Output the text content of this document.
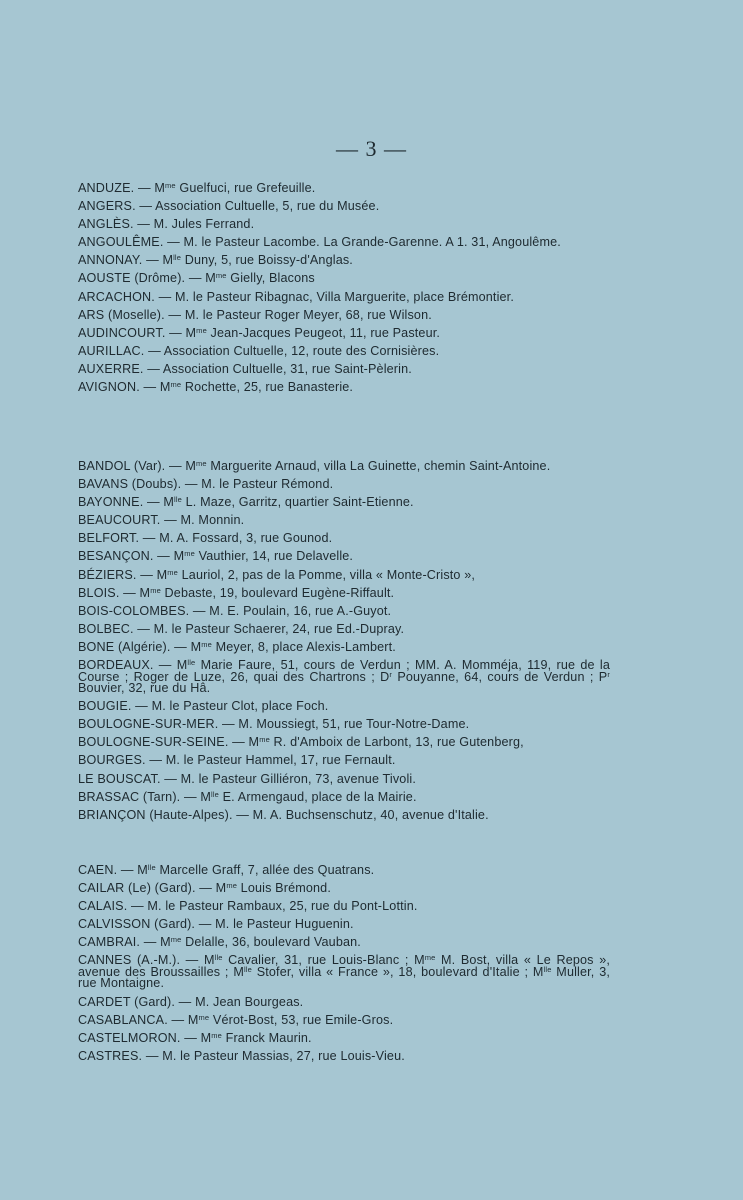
— 3 —

ANDUZE. — $M^{me}$ Guelfuci, rue Grefeuille.

ANGERS. — Association Cultuelle, 5, rue du Musée.

ANGLÈS. — M. Jules Ferrand.

ANGOULÊME. — M. le Pasteur Lacombe. La Grande-Garenne. A 1. 31, Angoulême.

ANNONAY. — $M^{lle}$ Duny, 5, rue Boissy-d'Anglas.

AOUSTE (Drôme). — $M^{me}$ Gielly, Blacons

ARCACHON. — M. le Pasteur Ribagnac, Villa Marguerite, place Brémontier.

ARS (Moselle). — M. le Pasteur Roger Meyer, 68, rue Wilson.

AUDINCOURT. — $M^{me}$ Jean-Jacques Peugeot, 11, rue Pasteur.

AURILLAC. — Association Cultuelle, 12, route des Cornisières.

AUXERRE. — Association Cultuelle, 31, rue Saint-Pèlerin.

AVIGNON. — $M^{me}$ Rochette, 25, rue Banasterie.

BANDOL (Var). — $M^{me}$ Marguerite Arnaud, villa La Guinette, chemin Saint-Antoine.

BAVANS (Doubs). — M. le Pasteur Rémond.

BAYONNE. — $M^{lle}$ L. Maze, Garritz, quartier Saint-Etienne.

BEAUCOURT. — M. Monnin.

BELFORT. — M. A. Fossard, 3, rue Gounod.

BESANÇON. — $M^{me}$ Vauthier, 14, rue Delavelle.

BÉZIERS. — $M^{me}$ Lauriol, 2, pas de la Pomme, villa « Monte-Cristo »,

BLOIS. — $M^{me}$ Debaste, 19, boulevard Eugène-Riffault.

BOIS-COLOMBES. — M. E. Poulain, 16, rue A.-Guyot.

BOLBEC. — M. le Pasteur Schaerer, 24, rue Ed.-Dupray.

BONE (Algérie). — $M^{me}$ Meyer, 8, place Alexis-Lambert.

BORDEAUX. — $M^{lle}$ Marie Faure, 51, cours de Verdun ; MM. A. Momméja, 119, rue de la Course ; Roger de Luze, 26, quai des Chartrons ; $D^r$ Pouyanne, 64, cours de Verdun ; $P^r$ Bouvier, 32, rue du Hâ.

BOUGIE. — M. le Pasteur Clot, place Foch.

BOULOGNE-SUR-MER. — M. Moussiegt, 51, rue Tour-Notre-Dame.

BOULOGNE-SUR-SEINE. — $M^{me}$ R. d'Amboix de Larbont, 13, rue Gutenberg,

BOURGES. — M. le Pasteur Hammel, 17, rue Fernault.

LE BOUSCAT. — M. le Pasteur Gilliéron, 73, avenue Tivoli.

BRASSAC (Tarn). — $M^{lle}$ E. Armengaud, place de la Mairie.

BRIANÇON (Haute-Alpes). — M. A. Buchsenschutz, 40, avenue d'Italie.

CAEN. — $M^{lle}$ Marcelle Graff, 7, allée des Quatrans.

CAILAR (Le) (Gard). — $M^{me}$ Louis Brémond.

CALAIS. — M. le Pasteur Rambaux, 25, rue du Pont-Lottin.

CALVISSON (Gard). — M. le Pasteur Huguenin.

CAMBRAI. — $M^{me}$ Delalle, 36, boulevard Vauban.

CANNES (A.-M.). — $M^{lle}$ Cavalier, 31, rue Louis-Blanc ; $M^{me}$ M. Bost, villa « Le Repos », avenue des Broussailles ; $M^{lle}$ Stofer, villa « France », 18, boulevard d'Italie ; $M^{lle}$ Muller, 3, rue Montaigne.

CARDET (Gard). — M. Jean Bourgeas.

CASABLANCA. — $M^{me}$ Vérot-Bost, 53, rue Emile-Gros.

CASTELMORON. — $M^{me}$ Franck Maurin.

CASTRES. — M. le Pasteur Massias, 27, rue Louis-Vieu.
